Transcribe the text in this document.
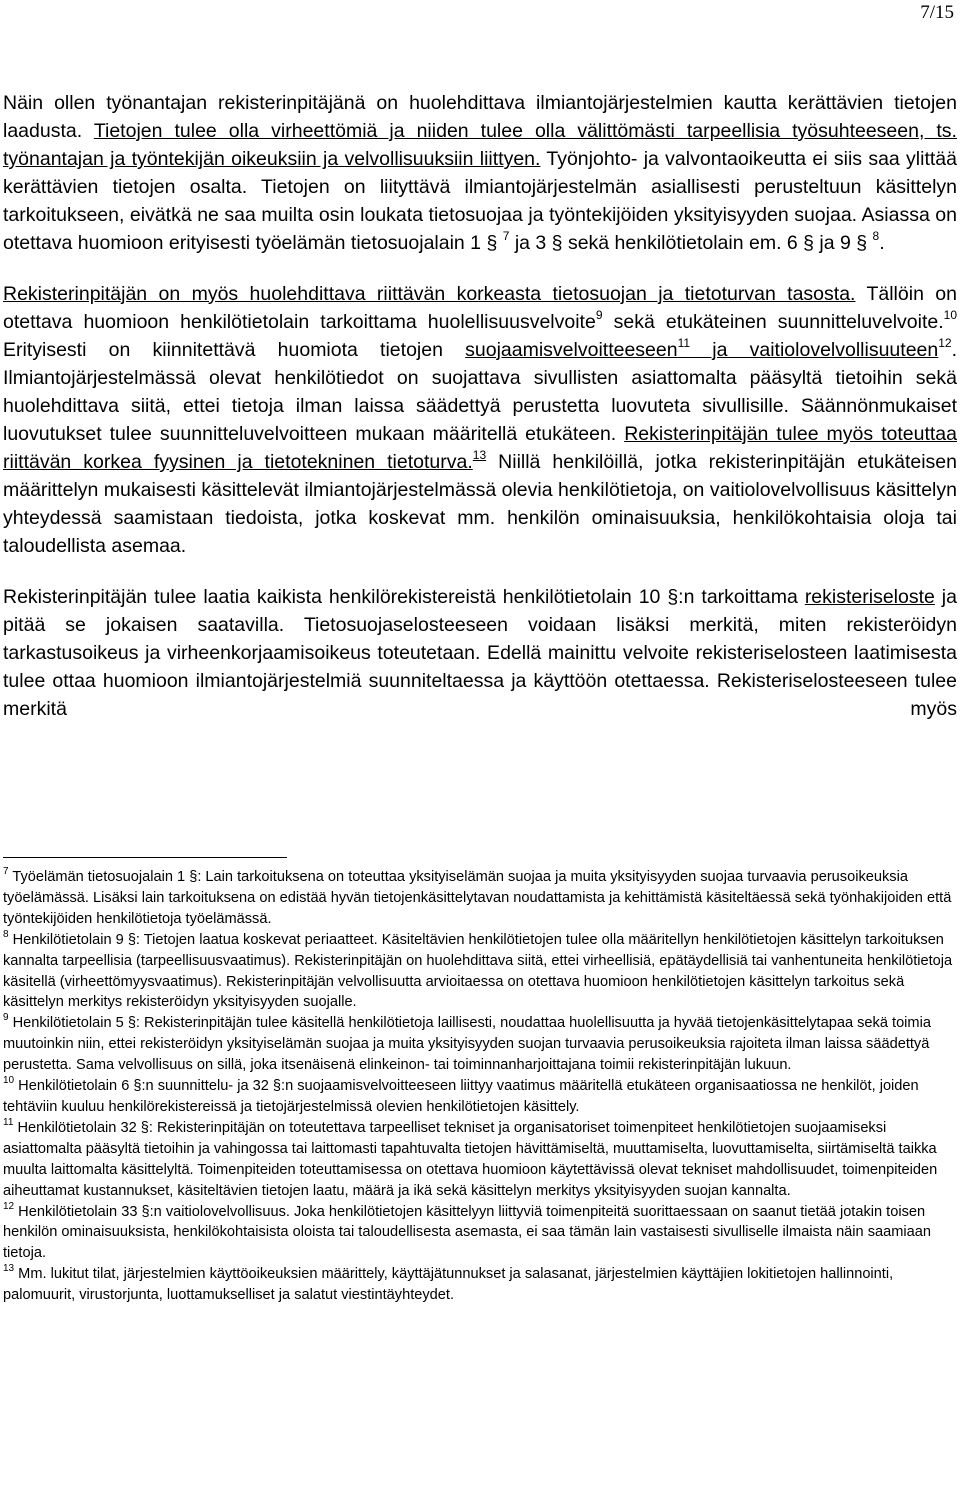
7/15

Näin ollen työnantajan rekisterinpitäjänä on huolehdittava ilmiantojärjestelmien kautta kerättävien tietojen laadusta. Tietojen tulee olla virheettömiä ja niiden tulee olla välittömästi tarpeellisia työsuhteeseen, ts. työnantajan ja työntekijän oikeuksiin ja velvollisuuksiin liittyen. Työnjohto- ja valvontaoikeutta ei siis saa ylittää kerättävien tietojen osalta. Tietojen on liityttävä ilmiantojärjestelmän asiallisesti perusteltuun käsittelyn tarkoitukseen, eivätkä ne saa muilta osin loukata tietosuojaa ja työntekijöiden yksityisyyden suojaa. Asiassa on otettava huomioon erityisesti työelämän tietosuojalain 1 § $^7$ ja 3 § sekä henkilötietolain em. 6 § ja 9 § $^8$.

Rekisterinpitäjän on myös huolehdittava riittävän korkeasta tietosuojan ja tietoturvan tasosta. Tällöin on otettava huomioon henkilötietolain tarkoittama huolellisuusvelvoite$^9$ sekä etukäteinen suunnitteluvelvoite.$^{10}$ Erityisesti on kiinnitettävä huomiota tietojen suojaamisvelvoitteeseen$^{11}$ ja vaitiolovelvollisuuteen$^{12}$. Ilmiantojärjestelmässä olevat henkilötiedot on suojattava sivullisten asiattomalta pääsyltä tietoihin sekä huolehdittava siitä, ettei tietoja ilman laissa säädettyä perustetta luovuteta sivullisille. Säännönmukaiset luovutukset tulee suunnitteluvelvoitteen mukaan määritellä etukäteen. Rekisterinpitäjän tulee myös toteuttaa riittävän korkea fyysinen ja tietotekninen tietoturva.$^{13}$ Niillä henkilöillä, jotka rekisterinpitäjän etukäteisen määrittelyn mukaisesti käsittelevät ilmiantojärjestelmässä olevia henkilötietoja, on vaitiolovelvollisuus käsittelyn yhteydessä saamistaan tiedoista, jotka koskevat mm. henkilön ominaisuuksia, henkilökohtaisia oloja tai taloudellista asemaa.

Rekisterinpitäjän tulee laatia kaikista henkilörekistereistä henkilötietolain 10 §:n tarkoittama rekisteriseloste ja pitää se jokaisen saatavilla. Tietosuojaselosteeseen voidaan lisäksi merkitä, miten rekisteröidyn tarkastusoikeus ja virheenkorjaamisoikeus toteutetaan. Edellä mainittu velvoite rekisteriselosteen laatimisesta tulee ottaa huomioon ilmiantojärjestelmiä suunniteltaessa ja käyttöön otettaessa. Rekisteriselosteeseen tulee merkitä myös

$^7$ Työelämän tietosuojalain 1 §: Lain tarkoituksena on toteuttaa yksityiselämän suojaa ja muita yksityisyyden suojaa turvaavia perusoikeuksia työelämässä. Lisäksi lain tarkoituksena on edistää hyvän tietojenkäsittelytavan noudattamista ja kehittämistä käsiteltäessä sekä työnhakijoiden että työntekijöiden henkilötietoja työelämässä.

$^8$ Henkilötietolain 9 §: Tietojen laatua koskevat periaatteet. Käsiteltävien henkilötietojen tulee olla määritellyn henkilötietojen käsittelyn tarkoituksen kannalta tarpeellisia (tarpeellisuusvaatimus). Rekisterinpitäjän on huolehdittava siitä, ettei virheellisiä, epätäydellisiä tai vanhentuneita henkilötietoja käsitellä (virheettömyysvaatimus). Rekisterinpitäjän velvollisuutta arvioitaessa on otettava huomioon henkilötietojen käsittelyn tarkoitus sekä käsittelyn merkitys rekisteröidyn yksityisyyden suojalle.

$^9$ Henkilötietolain 5 §: Rekisterinpitäjän tulee käsitellä henkilötietoja laillisesti, noudattaa huolellisuutta ja hyvää tietojenkäsittelytapaa sekä toimia muutoinkin niin, ettei rekisteröidyn yksityiselämän suojaa ja muita yksityisyyden suojan turvaavia perusoikeuksia rajoiteta ilman laissa säädettyä perustetta. Sama velvollisuus on sillä, joka itsenäisenä elinkeinon- tai toiminnanharjoittajana toimii rekisterinpitäjän lukuun.

$^{10}$ Henkilötietolain 6 §:n suunnittelu- ja 32 §:n suojaamisvelvoitteeseen liittyy vaatimus määritellä etukäteen organisaatiossa ne henkilöt, joiden tehtäviin kuuluu henkilörekistereissä ja tietojärjestelmissä olevien henkilötietojen käsittely.

$^{11}$ Henkilötietolain 32 §: Rekisterinpitäjän on toteutettava tarpeelliset tekniset ja organisatoriset toimenpiteet henkilötietojen suojaamiseksi asiattomalta pääsyltä tietoihin ja vahingossa tai laittomasti tapahtuvalta tietojen hävittämiseltä, muuttamiselta, luovuttamiselta, siirtämiseltä taikka muulta laittomalta käsittelyltä. Toimenpiteiden toteuttamisessa on otettava huomioon käytettävissä olevat tekniset mahdollisuudet, toimenpiteiden aiheuttamat kustannukset, käsiteltävien tietojen laatu, määrä ja ikä sekä käsittelyn merkitys yksityisyyden suojan kannalta.

$^{12}$ Henkilötietolain 33 §:n vaitiolovelvollisuus. Joka henkilötietojen käsittelyyn liittyviä toimenpiteitä suorittaessaan on saanut tietää jotakin toisen henkilön ominaisuuksista, henkilökohtaisista oloista tai taloudellisesta asemasta, ei saa tämän lain vastaisesti sivulliselle ilmaista näin saamiaan tietoja.

$^{13}$ Mm. lukitut tilat, järjestelmien käyttöoikeuksien määrittely, käyttäjätunnukset ja salasanat, järjestelmien käyttäjien lokitietojen hallinnointi, palomuurit, virustorjunta, luottamukselliset ja salatut viestintäyhteydet.
